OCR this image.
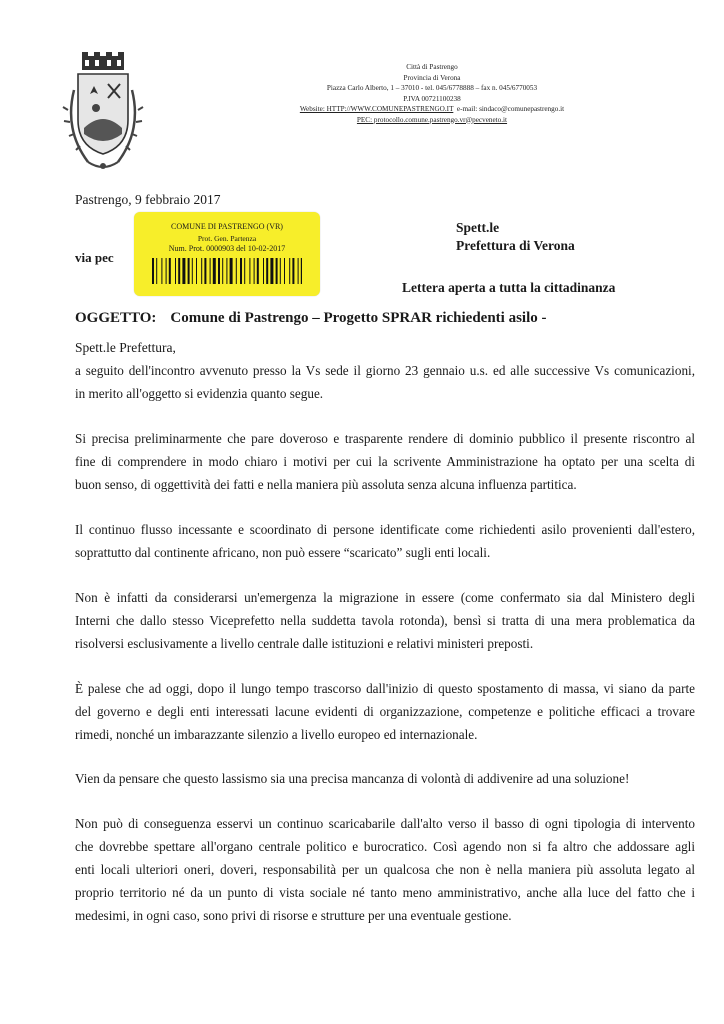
Città di Pastrengo
Provincia di Verona
Piazza Carlo Alberto, 1 – 37010 - tel. 045/6778888 – fax n. 045/6770053
P.IVA 00721100238
Website: HTTP://WWW.COMUNEPASTRENGO.IT e-mail: sindaco@comunepastrengo.it
PEC: protocollo.comune.pastrengo.vr@pecveneto.it
Pastrengo, 9 febbraio 2017
COMUNE DI PASTRENGO (VR)
Prot. Gen. Partenza
Num. Prot. 0000903 del 10-02-2017
via pec
Spett.le
Prefettura di Verona
Lettera aperta a tutta la cittadinanza
OGGETTO: Comune di Pastrengo – Progetto SPRAR richiedenti asilo -
Spett.le Prefettura,
a seguito dell'incontro avvenuto presso la Vs sede il giorno 23 gennaio u.s. ed alle successive Vs comunicazioni,
in merito all'oggetto si evidenzia quanto segue.
Si precisa preliminarmente che pare doveroso e trasparente rendere di dominio pubblico il presente riscontro al
fine di comprendere in modo chiaro i motivi per cui la scrivente Amministrazione ha optato per una scelta di
buon senso, di oggettività dei fatti e nella maniera più assoluta senza alcuna influenza partitica.
Il continuo flusso incessante e scoordinato di persone identificate come richiedenti asilo provenienti dall'estero,
soprattutto dal continente africano, non può essere “scaricato” sugli enti locali.
Non è infatti da considerarsi un'emergenza la migrazione in essere (come confermato sia dal Ministero degli
Interni che dallo stesso Viceprefetto nella suddetta tavola rotonda), bensì si tratta di una mera problematica da
risolversi esclusivamente a livello centrale dalle istituzioni e relativi ministeri preposti.
È palese che ad oggi, dopo il lungo tempo trascorso dall'inizio di questo spostamento di massa, vi siano da parte
del governo e degli enti interessati lacune evidenti di organizzazione, competenze e politiche efficaci a trovare
rimedi, nonché un imbarazzante silenzio a livello europeo ed internazionale.
Vien da pensare che questo lassismo sia una precisa mancanza di volontà di addivenire ad una soluzione!
Non può di conseguenza esservi un continuo scaricabarile dall'alto verso il basso di ogni tipologia di intervento
che dovrebbe spettare all'organo centrale politico e burocratico. Così agendo non si fa altro che addossare agli
enti locali ulteriori oneri, doveri, responsabilità per un qualcosa che non è nella maniera più assoluta legato al
proprio territorio né da un punto di vista sociale né tanto meno amministrativo, anche alla luce del fatto che i
medesimi, in ogni caso, sono privi di risorse e strutture per una eventuale gestione.
